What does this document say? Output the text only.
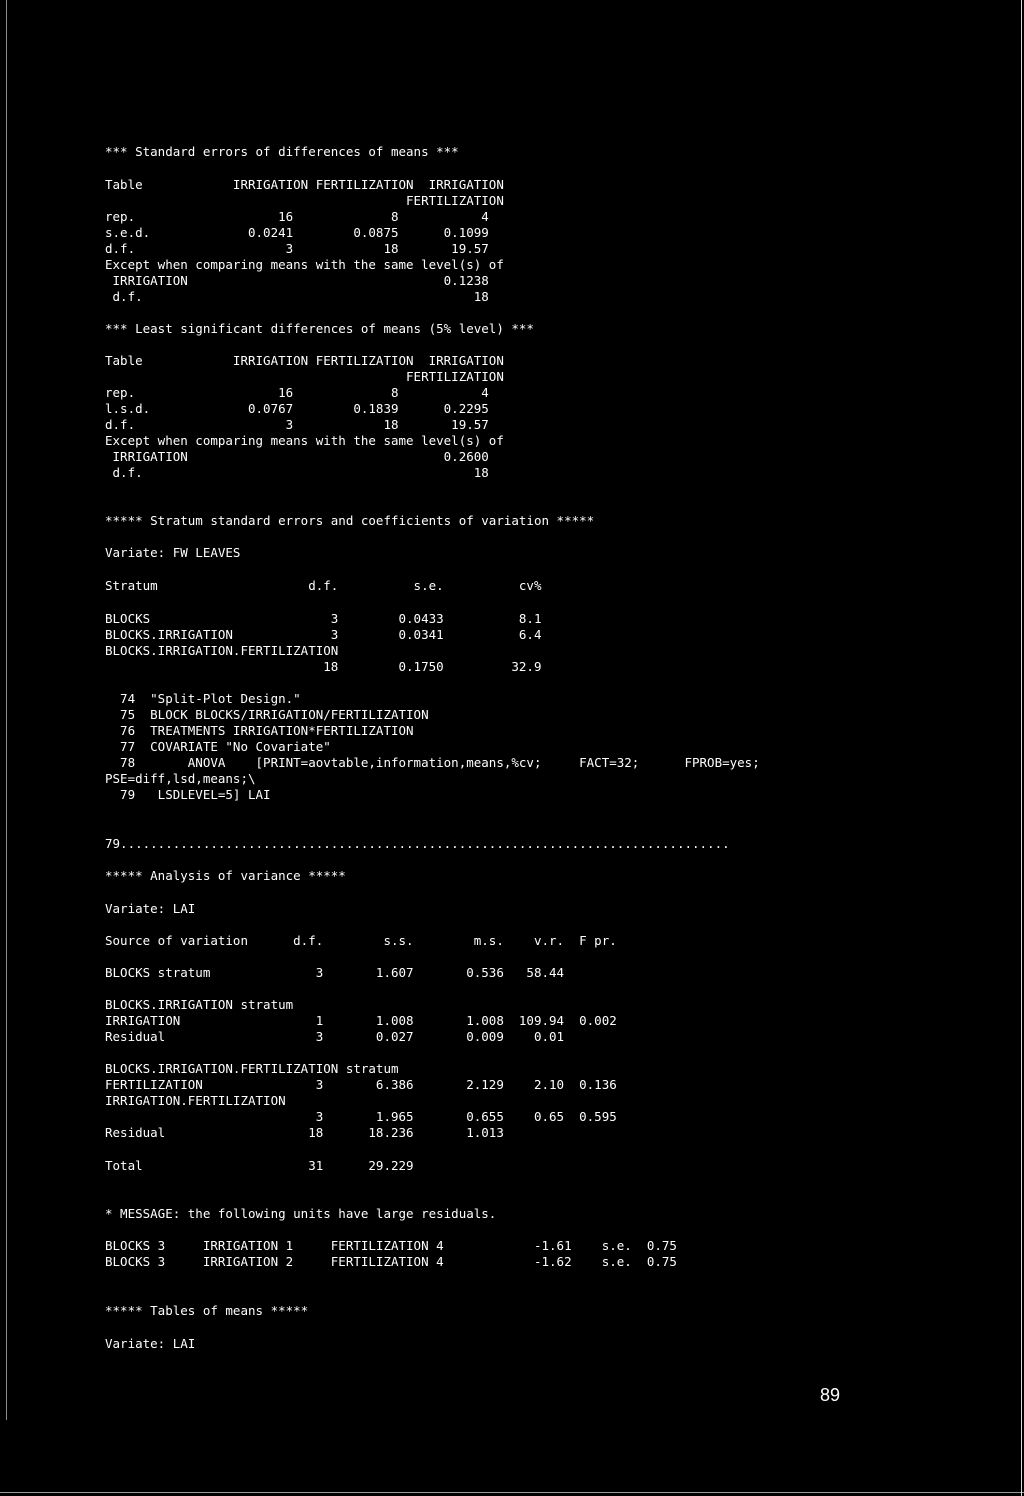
*** Standard errors of differences of means ***
Table            IRRIGATION FERTILIZATION  IRRIGATION
FERTILIZATION
rep.                   16             8           4
s.e.d.             0.0241        0.0875      0.1099
d.f.                    3            18       19.57
Except when comparing means with the same level(s) of
IRRIGATION                                  0.1238
d.f.                                            18
*** Least significant differences of means (5% level) ***
Table            IRRIGATION FERTILIZATION  IRRIGATION
FERTILIZATION
rep.                   16             8           4
l.s.d.             0.0767        0.1839      0.2295
d.f.                    3            18       19.57
Except when comparing means with the same level(s) of
IRRIGATION                                  0.2600
d.f.                                            18
***** Stratum standard errors and coefficients of variation *****
Variate: FW LEAVES
Stratum                    d.f.          s.e.          cv%
BLOCKS                        3        0.0433          8.1
BLOCKS.IRRIGATION             3        0.0341          6.4
BLOCKS.IRRIGATION.FERTILIZATION
18        0.1750         32.9
74  "Split-Plot Design."
75  BLOCK BLOCKS/IRRIGATION/FERTILIZATION
76  TREATMENTS IRRIGATION*FERTILIZATION
77  COVARIATE "No Covariate"
78       ANOVA    [PRINT=aovtable,information,means,%cv;     FACT=32;      FPROB=yes;
PSE=diff,lsd,means;\
79   LSDLEVEL=5] LAI
79.................................................................................
***** Analysis of variance *****
Variate: LAI
Source of variation      d.f.        s.s.        m.s.    v.r.  F pr.
BLOCKS stratum              3       1.607       0.536   58.44
BLOCKS.IRRIGATION stratum
IRRIGATION                  1       1.008       1.008  109.94  0.002
Residual                    3       0.027       0.009    0.01
BLOCKS.IRRIGATION.FERTILIZATION stratum
FERTILIZATION               3       6.386       2.129    2.10  0.136
IRRIGATION.FERTILIZATION
3       1.965       0.655    0.65  0.595
Residual                   18      18.236       1.013
Total                      31      29.229
* MESSAGE: the following units have large residuals.
BLOCKS 3     IRRIGATION 1     FERTILIZATION 4            -1.61    s.e.  0.75
BLOCKS 3     IRRIGATION 2     FERTILIZATION 4            -1.62    s.e.  0.75
***** Tables of means *****
Variate: LAI
89
